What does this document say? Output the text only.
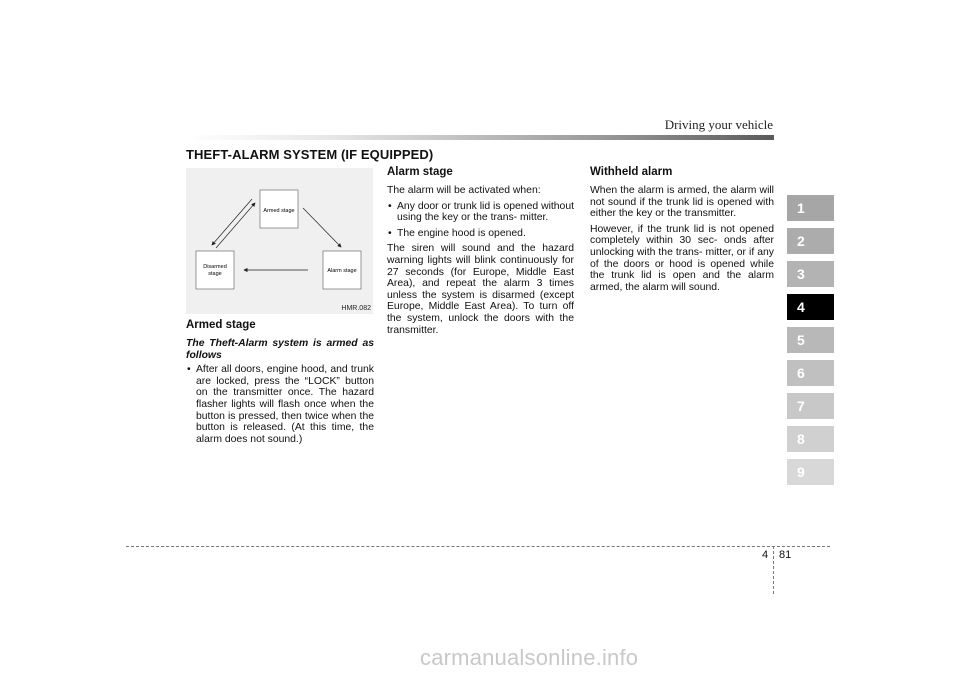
Driving your vehicle
THEFT-ALARM SYSTEM (IF EQUIPPED)
Armed stage
Disarmed
stage	Alarm stage
HMR.082
Armed stage

The Theft-Alarm system is armed as follows

• After all doors, engine hood, and trunk are locked, press the “LOCK” button on the transmitter once. The hazard flasher lights will flash once when the button is pressed, then twice when the button is released. (At this time, the alarm does not sound.)
Alarm stage

The alarm will be activated when:

• Any door or trunk lid is opened without using the key or the trans- mitter.
• The engine hood is opened.

The siren will sound and the hazard warning lights will blink continuously for 27 seconds (for Europe, Middle East Area), and repeat the alarm 3 times unless the system is disarmed (except Europe, Middle East Area). To turn off the system, unlock the doors with the transmitter.

Withheld alarm

When the alarm is armed, the alarm will not sound if the trunk lid is opened with either the key or the transmitter.

However, if the trunk lid is not opened completely within 30 sec- onds after unlocking with the trans- mitter, or if any of the doors or hood is opened while the trunk lid is open and the alarm armed, the alarm will sound.

1
2
3
4
5
6
7
8
9
4 81
carmanualsonline.info
